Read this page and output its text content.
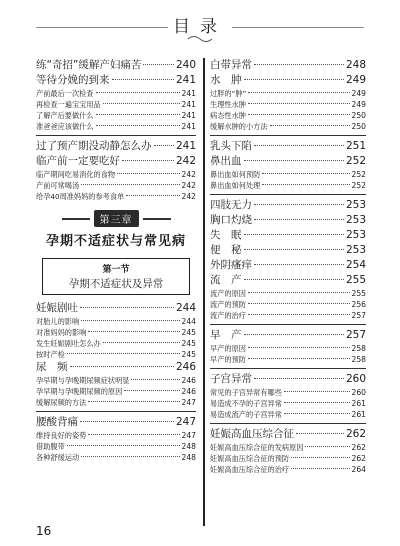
目录
练“奇招”缓解产妇痛苦	240
等待分娩的到来	241
产前最后一次检查	241
再检查一遍宝宝用品	241
了解产后要做什么	241
准爸爸应该做什么	241
过了预产期没动静怎么办 241
临产前一定要吃好	242
临产期间吃易消化的食物	242
产前可常喝汤	242
给孕40周准妈妈的参考食单	242
第三章
孕期不适症状与常见病
第一节
孕期不适症状及异常
妊娠剧吐	244
对胎儿的影响	244
对准妈妈的影响	245
发生妊娠剧吐怎么办	245
按时产检	245
尿　频	246
孕早期与孕晚期尿频症状明显	246
孕早期与孕晚期尿频的原因	246
缓解尿频的方法	247
腰酸背痛	247
维持良好的姿势	247
借助腹带	248
各种舒缓运动	248
白带异常	248
水　肿	249
过胖的“肿”	249
生理性水肿	249
病态性水肿	250
缓解水肿的小方法	250
乳头下陷	251
鼻出血	252
鼻出血如何预防	252
鼻出血如何处理	252
四肢无力	253
胸口灼烧	253
失　眠	253
便　秘	253
外阴瘙痒	254
流　产	255
流产的原因	255
流产的预防	256
流产的治疗	257
早　产	257
早产的原因	258
早产的预防	258
子宫异常	260
常见的子宫异常有哪些	260
易造成不孕的子宫异常	261
易造成流产的子宫异常	261
妊娠高血压综合征	262
妊娠高血压综合征的发病原因	262
妊娠高血压综合征的预防	262
妊娠高血压综合征的治疗	264
16
